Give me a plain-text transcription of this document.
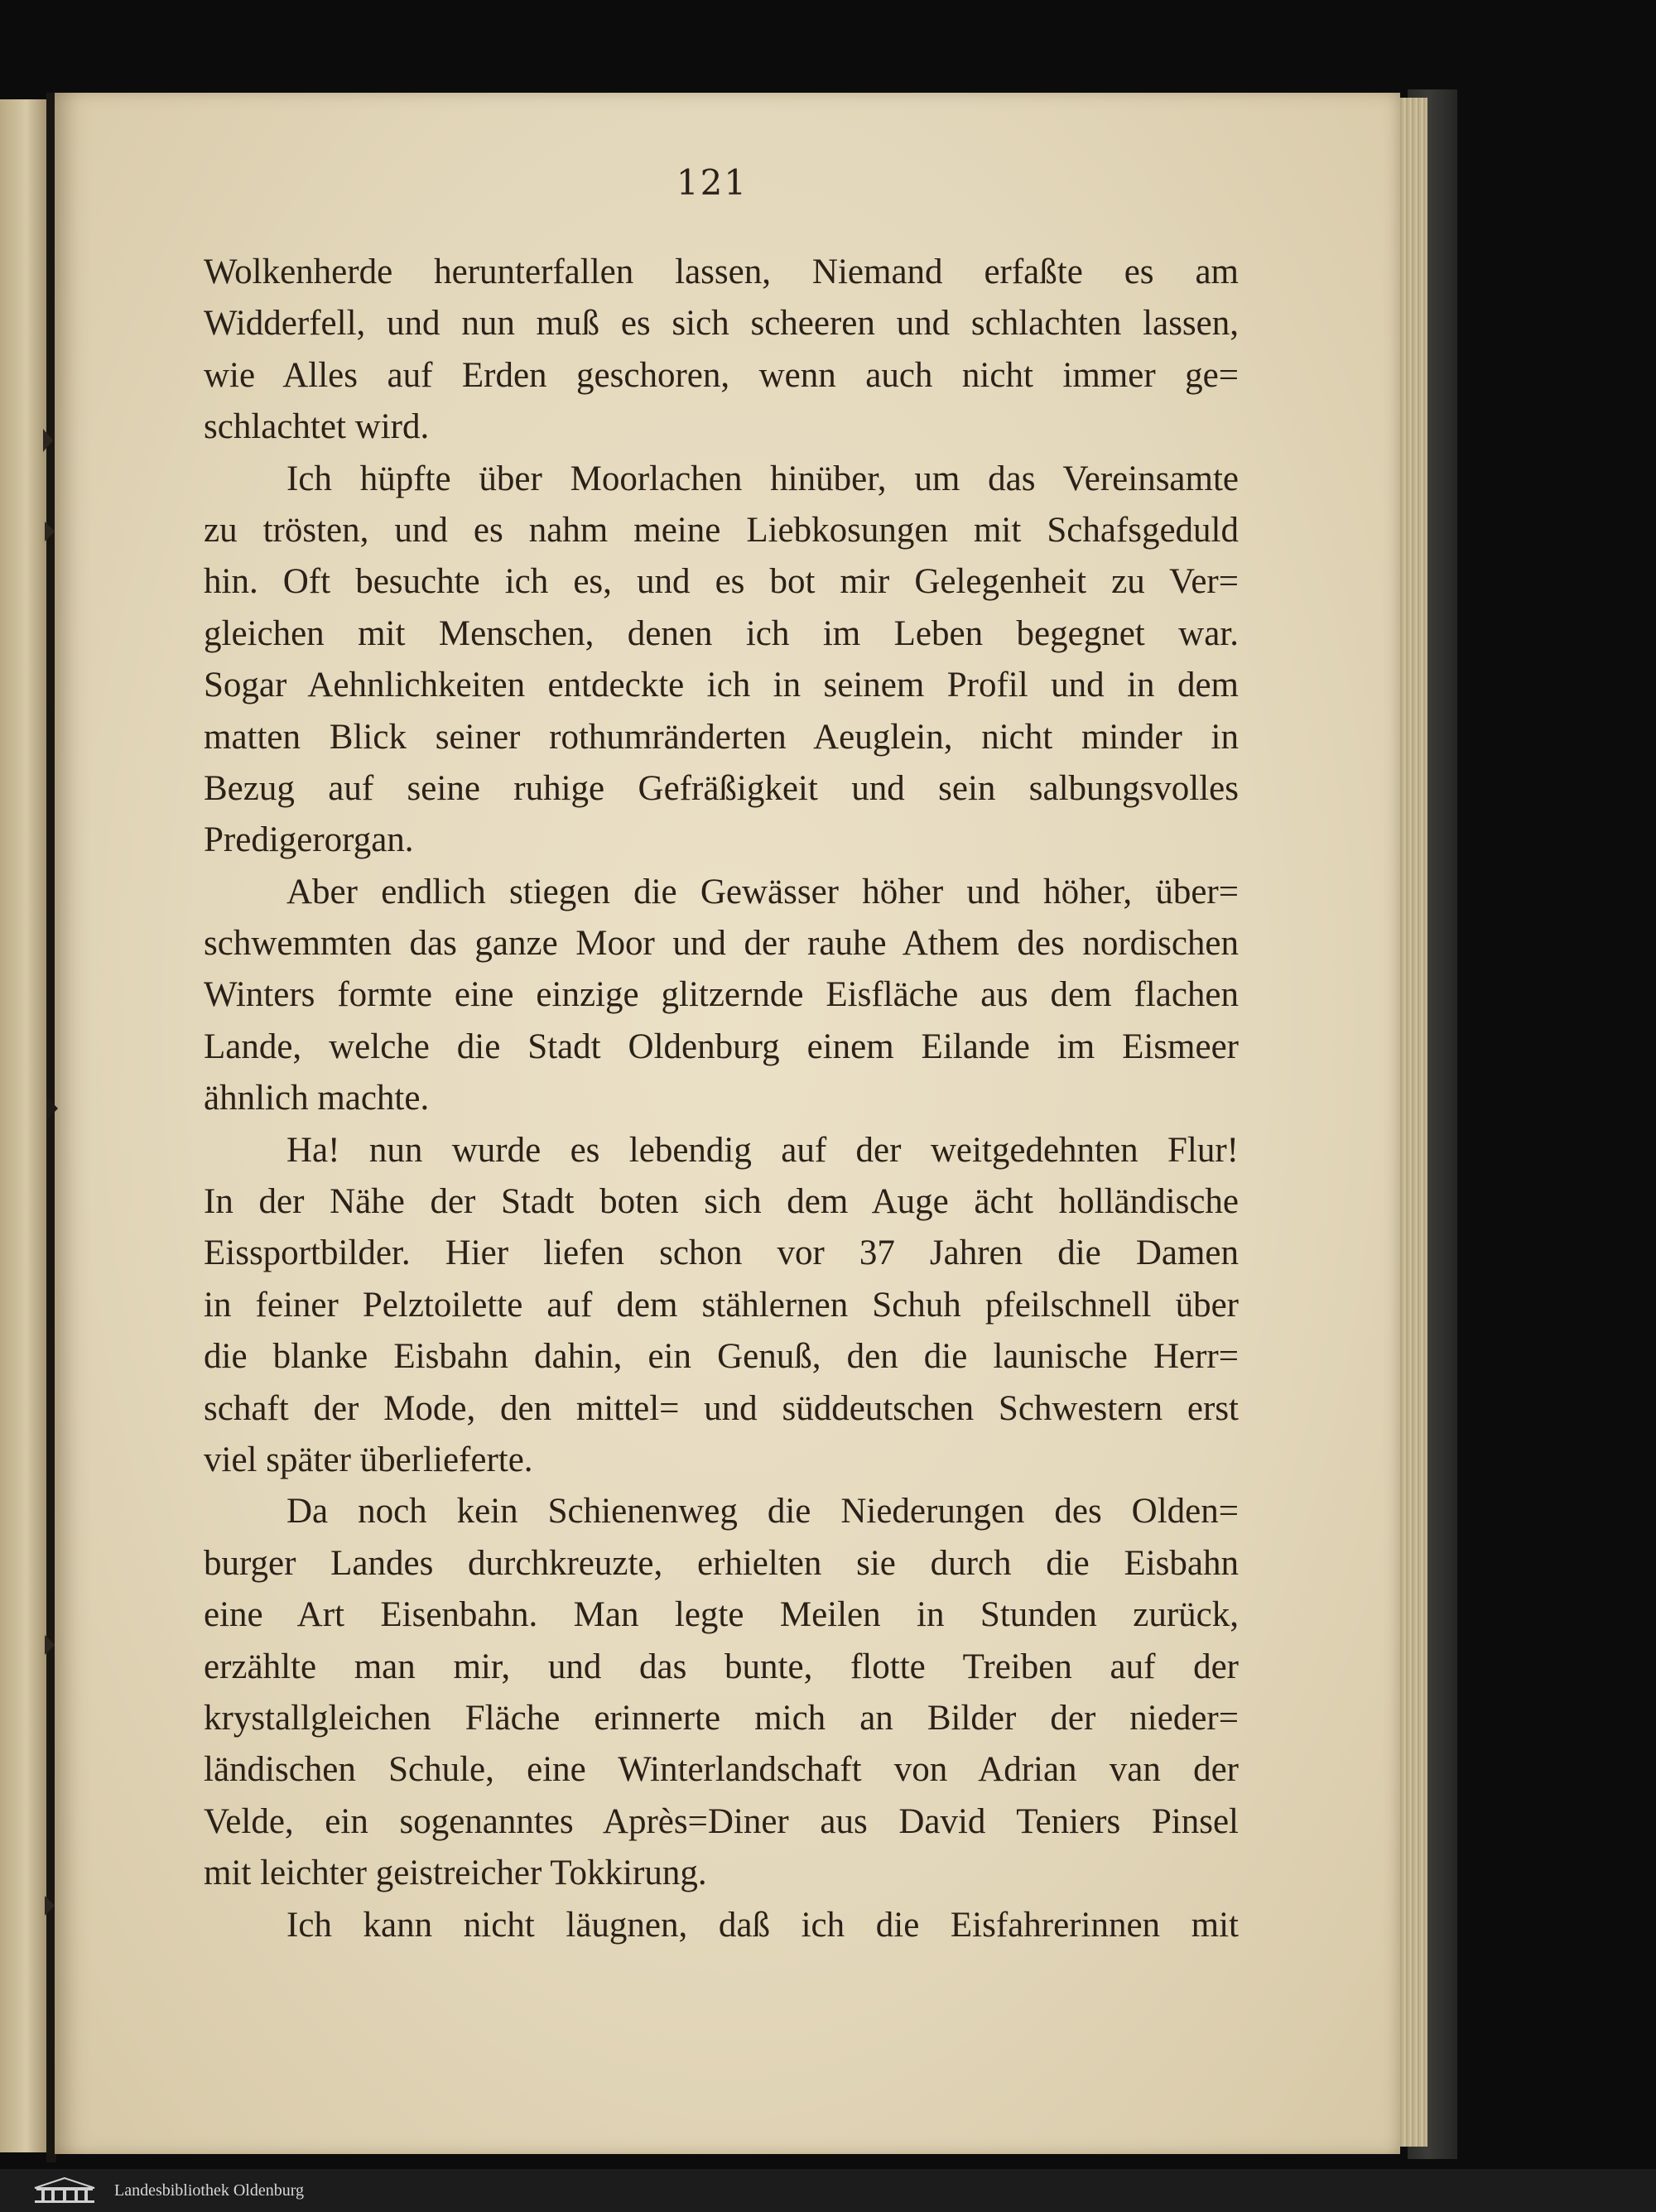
121
Wolkenherde herunterfallen lassen, Niemand erfaßte es am
Widderfell, und nun muß es sich scheeren und schlachten lassen,
wie Alles auf Erden geschoren, wenn auch nicht immer ge=
schlachtet wird.
Ich hüpfte über Moorlachen hinüber, um das Vereinsamte
zu trösten, und es nahm meine Liebkosungen mit Schafsgeduld
hin. Oft besuchte ich es, und es bot mir Gelegenheit zu Ver=
gleichen mit Menschen, denen ich im Leben begegnet war.
Sogar Aehnlichkeiten entdeckte ich in seinem Profil und in dem
matten Blick seiner rothumränderten Aeuglein, nicht minder in
Bezug auf seine ruhige Gefräßigkeit und sein salbungsvolles
Predigerorgan.
Aber endlich stiegen die Gewässer höher und höher, über=
schwemmten das ganze Moor und der rauhe Athem des nordischen
Winters formte eine einzige glitzernde Eisfläche aus dem flachen
Lande, welche die Stadt Oldenburg einem Eilande im Eismeer
ähnlich machte.
Ha! nun wurde es lebendig auf der weitgedehnten Flur!
In der Nähe der Stadt boten sich dem Auge ächt holländische
Eissportbilder. Hier liefen schon vor 37 Jahren die Damen
in feiner Pelztoilette auf dem stählernen Schuh pfeilschnell über
die blanke Eisbahn dahin, ein Genuß, den die launische Herr=
schaft der Mode, den mittel= und süddeutschen Schwestern erst
viel später überlieferte.
Da noch kein Schienenweg die Niederungen des Olden=
burger Landes durchkreuzte, erhielten sie durch die Eisbahn
eine Art Eisenbahn. Man legte Meilen in Stunden zurück,
erzählte man mir, und das bunte, flotte Treiben auf der
krystallgleichen Fläche erinnerte mich an Bilder der nieder=
ländischen Schule, eine Winterlandschaft von Adrian van der
Velde, ein sogenanntes Après=Diner aus David Teniers Pinsel
mit leichter geistreicher Tokkirung.
Ich kann nicht läugnen, daß ich die Eisfahrerinnen mit
Landesbibliothek Oldenburg
